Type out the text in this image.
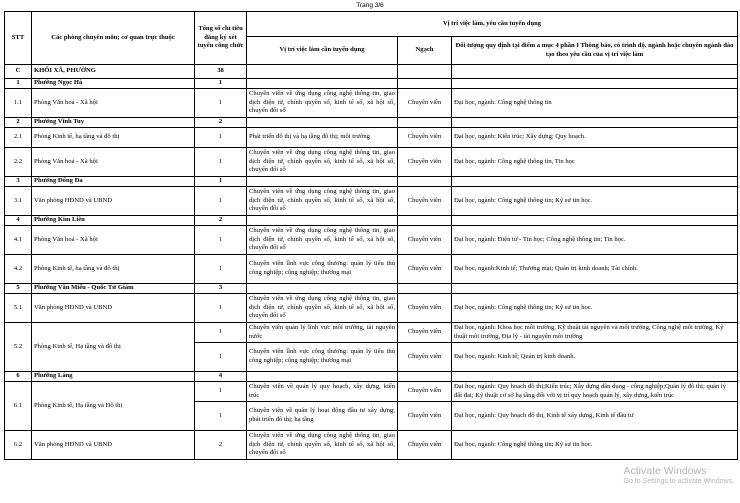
Trang 3/6
STT	Các phòng chuyên môn; cơ quan trực thuộc	Tổng số chỉ tiêu đăng ký xét tuyển công chức	Vị trí việc làm, yêu cầu tuyển dụng		
			Vị trí việc làm cần tuyển dụng	Ngạch	Đối tượng quy định tại điểm a mục 4 phần I Thông báo, có trình độ, ngành hoặc chuyên ngành đào tạo theo yêu cầu của vị trí việc làm
C	KHỐI XÃ, PHƯỜNG	38			
1	Phường Ngọc Hà	1			
1.1	Phòng Văn hoá - Xã hội	1	Chuyên viên về ứng dụng công nghệ thông tin, giao dịch điện tử, chính quyền số, kinh tế số, xã hội số, chuyển đổi số	Chuyên viên	Đại học, ngành: Công nghệ thông tin
2	Phường Vĩnh Tuy	2			
2.1	Phòng Kinh tế, hạ tầng và đô thị	1	Phát triển đô thị và hạ tầng đô thị; môi trường	Chuyên viên	Đại học, ngành: Kiến trúc; Xây dựng; Quy hoạch.
2.2	Phòng Văn hoá - Xã hội	1	Chuyên viên về ứng dụng công nghệ thông tin, giao dịch điện tử, chính quyền số, kinh tế số, xã hội số, chuyển đổi số	Chuyên viên	Đại học, ngành: Công nghệ thông tin, Tin học
3	Phường Đống Đa	1			
3.1	Văn phòng HĐND và UBND	1	Chuyên viên về ứng dụng công nghệ thông tin, giao dịch điện tử, chính quyền số, kinh tế số, xã hội số, chuyển đổi số	Chuyên viên	Đại học, ngành: Công nghệ thông tin; Kỹ sư tin học.
4	Phường Kim Liên	2			
4.1	Phòng Văn hoá - Xã hội	1	Chuyên viên về ứng dụng công nghệ thông tin, giao dịch điện tử, chính quyền số, kinh tế số, xã hội số, chuyển đổi số	Chuyên viên	Đại học, ngành: Điện tử - Tin học; Công nghệ thông tin; Tin học.
4.2	Phòng Kinh tế, hạ tầng và đô thị	1	Chuyên viên lĩnh vực công thương: quản lý tiểu thủ công nghiệp; công nghiệp; thương mại	Chuyên viên	Đại học, ngành:Kinh tế; Thương mại; Quản trị kinh doanh; Tài chính.
5	Phường Văn Miếu - Quốc Tử Giám	3			
5.1	Văn phòng HĐND và UBND	1	Chuyên viên về ứng dụng công nghệ thông tin, giao dịch điện tử, chính quyền số, kinh tế số, xã hội số, chuyển đổi số	Chuyên viên	Đại học, ngành: Công nghệ thông tin; Kỹ sư tin học.
5.2	Phòng Kinh tế, Hạ tầng và đô thị	1	Chuyên viên quản lý lĩnh vực môi trường, tài nguyên nước	Chuyên viên	Đại học, ngành: Khoa học môi trường, Kỹ thuật tài nguyên và môi trường, Công nghệ môi trường, Kỹ thuật môi trường, Địa lý - tài nguyên môi trường
		1	Chuyên viên lĩnh vực công thương: quản lý tiểu thủ công nghiệp; công nghiệp; thương mại	Chuyên viên	Đại học, ngành: Kinh tế; Quản trị kinh doanh.
6	Phường Láng	4			
6.1	Phòng Kinh tế, Hạ tầng và Đô thị	1	Chuyên viên về quản lý quy hoạch, xây dựng, kiến trúc	Chuyên viên	Đại học, ngành: Quy hoạch đô thị;Kiến trúc; Xây dựng dân dụng - công nghiệp;Quản lý đô thị; quản lý đất đai; Kỹ thuật cơ sở hạ tầng đối với vị trí quy hoạch quản lý, xây dựng, kiến trúc
		1	Chuyên viên về quản lý hoạt động đầu tư xây dựng; phát triển đô thị; hạ tầng	Chuyên viên	Đại học, ngành: Quy hoạch đô thị, Kinh tế xây dựng, Kinh tế đầu tư
6.2	Văn phòng HĐND và UBND	2	Chuyên viên về ứng dụng công nghệ thông tin, giao dịch điện tử, chính quyền số, kinh tế số, xã hội số, chuyển đổi số	Chuyên viên	Đại học, ngành: Công nghệ thông tin; Kỹ sư tin học.
Activate Windows
Go to Settings to activate Windows.
